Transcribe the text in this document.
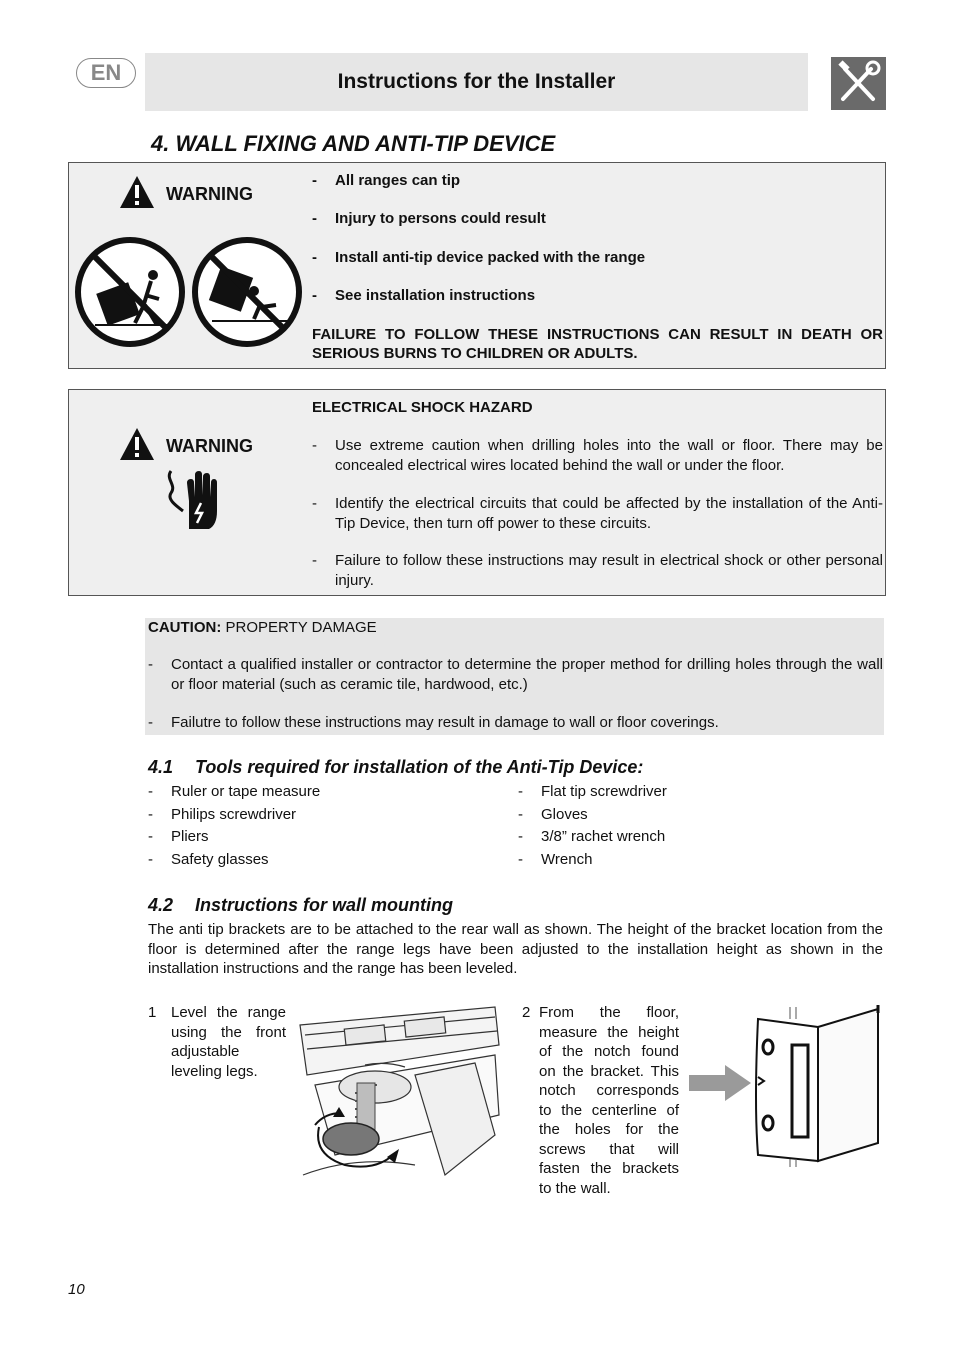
EN	Instructions for the Installer
4. WALL FIXING AND ANTI-TIP DEVICE
WARNING
- All ranges can tip
- Injury to persons could result
- Install anti-tip device packed with the range
- See installation instructions
FAILURE TO FOLLOW THESE INSTRUCTIONS CAN RESULT IN DEATH OR SERIOUS BURNS TO CHILDREN OR ADULTS.
WARNING
ELECTRICAL SHOCK HAZARD
- Use extreme caution when drilling holes into the wall or floor. There may be concealed electrical wires located behind the wall or under the floor.
- Identify the electrical circuits that could be affected by the installation of the Anti-Tip Device, then turn off power to these circuits.
- Failure to follow these instructions may result in electrical shock or other personal injury.
CAUTION: PROPERTY DAMAGE
- Contact a qualified installer or contractor to determine the proper method for drilling holes through the wall or floor material (such as ceramic tile, hardwood, etc.)
- Failutre to follow these instructions may result in damage to wall or floor coverings.
4.1 Tools required for installation of the Anti-Tip Device:
- Ruler or tape measure
- Philips screwdriver
- Pliers
- Safety glasses
- Flat tip screwdriver
- Gloves
- 3/8” rachet wrench
- Wrench
4.2 Instructions for wall mounting
The anti tip brackets are to be attached to the rear wall as shown. The height of the bracket location from the floor is determined after the range legs have been adjusted to the installation height as shown in the installation instructions and the range has been leveled.
1 Level the range using the front adjustable leveling legs.
2 From the floor, measure the height of the notch found on the bracket. This notch corresponds to the centerline of the holes for the screws that will fasten the brackets to the wall.
10
